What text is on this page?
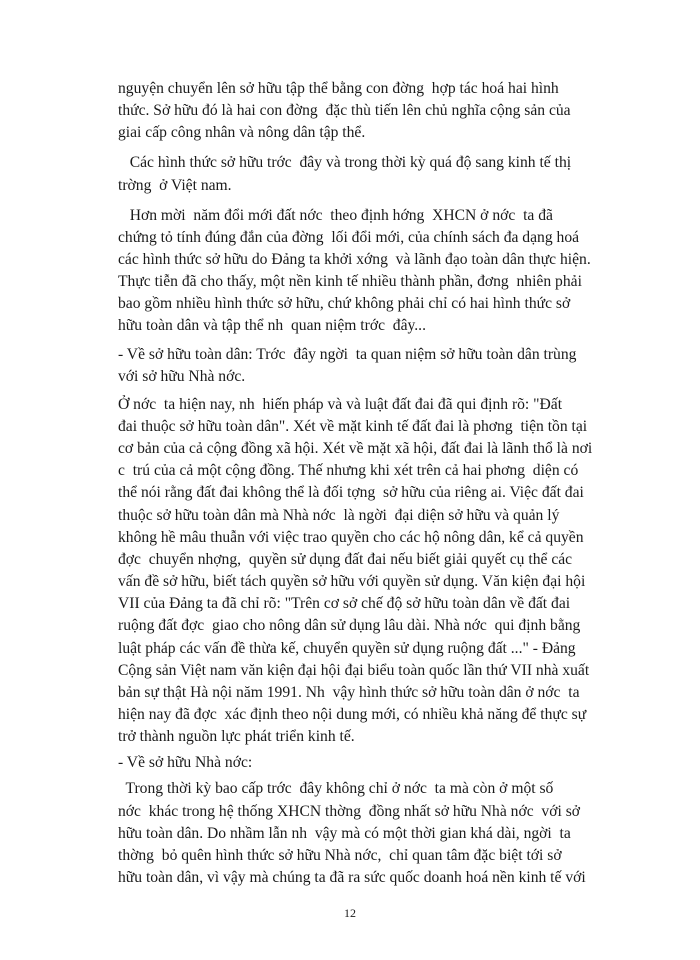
nguyện chuyển lên sở hữu tập thể bằng con đờng  hợp tác hoá hai hình
thức. Sở hữu đó là hai con đờng  đặc thù tiến lên chủ nghĩa cộng sản của
giai cấp công nhân và nông dân tập thể.
Các hình thức sở hữu trớc  đây và trong thời kỳ quá độ sang kinh tế thị
trờng  ở Việt nam.
Hơn mời  năm đổi mới đất nớc  theo định hớng  XHCN ở nớc  ta đã
chứng tỏ tính đúng đắn của đờng  lối đổi mới, của chính sách đa dạng hoá
các hình thức sở hữu do Đảng ta khởi xớng  và lãnh đạo toàn dân thực hiện.
Thực tiễn đã cho thấy, một nền kinh tế nhiều thành phần, đơng  nhiên phải
bao gồm nhiều hình thức sở hữu, chứ không phải chỉ có hai hình thức sở
hữu toàn dân và tập thể nh  quan niệm trớc  đây...
- Về sở hữu toàn dân: Trớc  đây ngời  ta quan niệm sở hữu toàn dân trùng
với sở hữu Nhà nớc.
Ở nớc  ta hiện nay, nh  hiến pháp và và luật đất đai đã qui định rõ: "Đất
đai thuộc sở hữu toàn dân". Xét về mặt kinh tế đất đai là phơng  tiện tồn tại
cơ bản của cả cộng đồng xã hội. Xét về mặt xã hội, đất đai là lãnh thổ là nơi
c  trú của cả một cộng đồng. Thế nhưng khi xét trên cả hai phơng  diện có
thể nói rằng đất đai không thể là đối tợng  sở hữu của riêng ai. Việc đất đai
thuộc sở hữu toàn dân mà Nhà nớc  là ngời  đại diện sở hữu và quản lý
không hề mâu thuẫn với việc trao quyền cho các hộ nông dân, kể cả quyền
đợc  chuyển nhợng,  quyền sử dụng đất đai nếu biết giải quyết cụ thể các
vấn đề sở hữu, biết tách quyền sở hữu với quyền sử dụng. Văn kiện đại hội
VII của Đảng ta đã chỉ rõ: "Trên cơ sở chế độ sở hữu toàn dân về đất đai
ruộng đất đợc  giao cho nông dân sử dụng lâu dài. Nhà nớc  qui định bằng
luật pháp các vấn đề thừa kế, chuyển quyền sử dụng ruộng đất ..." - Đảng
Cộng sản Việt nam văn kiện đại hội đại biểu toàn quốc lần thứ VII nhà xuất
bản sự thật Hà nội năm 1991. Nh  vậy hình thức sở hữu toàn dân ở nớc  ta
hiện nay đã đợc  xác định theo nội dung mới, có nhiều khả năng để thực sự
trở thành nguồn lực phát triển kinh tế.
- Về sở hữu Nhà nớc:
Trong thời kỳ bao cấp trớc  đây không chỉ ở nớc  ta mà còn ở một số
nớc  khác trong hệ thống XHCN thờng  đồng nhất sở hữu Nhà nớc  với sở
hữu toàn dân. Do nhầm lẫn nh  vậy mà có một thời gian khá dài, ngời  ta
thờng  bỏ quên hình thức sở hữu Nhà nớc,  chỉ quan tâm đặc biệt tới sở
hữu toàn dân, vì vậy mà chúng ta đã ra sức quốc doanh hoá nền kinh tế với
12
